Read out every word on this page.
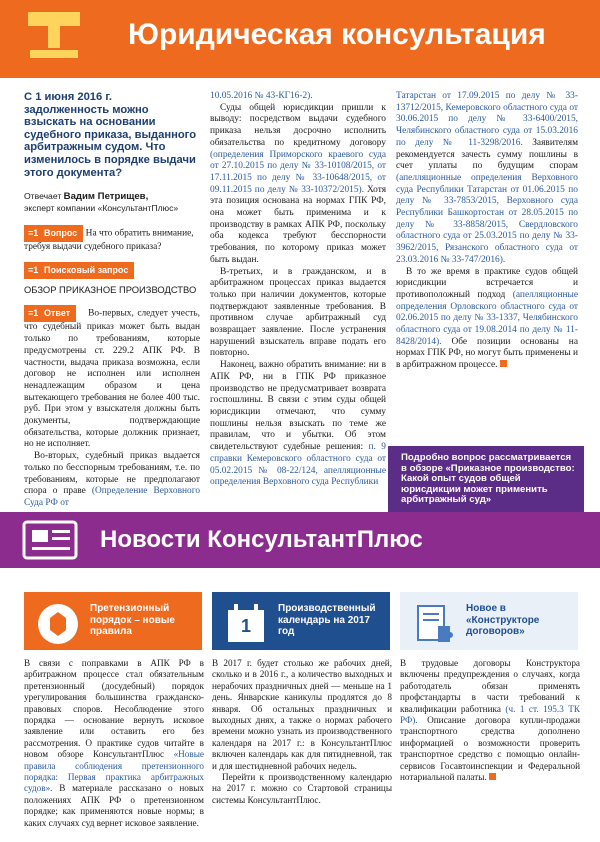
Юридическая консультация
С 1 июня 2016 г. задолженность можно взыскать на основании судебного приказа, выданного арбитражным судом. Что изменилось в порядке выдачи этого документа?
Отвечает Вадим Петрищев,
эксперт компании «КонсультантПлюс»
=1 Вопрос На что обратить внимание, требуя выдачи судебного приказа?
=1 Поисковый запрос
ОБЗОР ПРИКАЗНОЕ ПРОИЗВОДСТВО

=1 Ответ Во-первых, следует учесть, что судебный приказ может быть выдан только по требованиям, которые предусмотрены ст. 229.2 АПК РФ. В частности, выдача приказа возможна, если договор не исполнен или исполнен ненадлежащим образом и цена вытекающего требования не более 400 тыс. руб. При этом у взыскателя должны быть документы, подтверждающие обязательства, которые должник признает, но не исполняет.

Во-вторых, судебный приказ выдается только по бесспорным требованиям, т.е. по требованиям, которые не предполагают спора о праве (Определение Верховного Суда РФ от

10.05.2016 № 43-КГ16-2).

Суды общей юрисдикции пришли к выводу: посредством выдачи судебного приказа нельзя досрочно исполнить обязательства по кредитному договору (определения Приморского краевого суда от 27.10.2015 по делу № 33-10108/2015, от 17.11.2015 по делу № 33-10648/2015, от 09.11.2015 по делу № 33-10372/2015). Хотя эта позиция основана на нормах ГПК РФ, она может быть применима и к производству в рамках АПК РФ, поскольку оба кодекса требуют бесспорности требования, по которому приказ может быть выдан.

В-третьих, и в гражданском, и в арбитражном процессах приказ выдается только при наличии документов, которые подтверждают заявленные требования. В противном случае арбитражный суд возвращает заявление. После устранения нарушений взыскатель вправе подать его повторно.

Наконец, важно обратить внимание: ни в АПК РФ, ни в ГПК РФ приказное производство не предусматривает возврата госпошлины. В связи с этим суды общей юрисдикции отмечают, что сумму пошлины нельзя взыскать по теме же правилам, что и убытки. Об этом свидетельствуют судебные решения: п. 9 справки Кемеровского областного суда от 05.02.2015 № 08-22/124, апелляционные определения Верховного суда Республики

Татарстан от 17.09.2015 по делу № 33-13712/2015, Кемеровского областного суда от 30.06.2015 по делу № 33-6400/2015, Челябинского областного суда от 15.03.2016 по делу № 11-3298/2016. Заявителям рекомендуется зачесть сумму пошлины в счет уплаты по будущим спорам (апелляционные определения Верховного суда Республики Татарстан от 01.06.2015 по делу № 33-7853/2015, Верховного суда Республики Башкортостан от 28.05.2015 по делу № 33-8858/2015, Свердловского областного суда от 25.03.2015 по делу № 33-3962/2015, Рязанского областного суда от 23.03.2016 № 33-747/2016).

В то же время в практике судов общей юрисдикции встречается и противоположный подход (апелляционные определения Орловского областного суда от 02.06.2015 по делу № 33-1337, Челябинского областного суда от 19.08.2014 по делу № 11-8428/2014). Обе позиции основаны на нормах ГПК РФ, но могут быть применены и в арбитражном процессе.

Подробно вопрос рассматривается в обзоре «Приказное производство: Какой опыт судов общей юрисдикции может применить арбитражный суд»
Новости КонсультантПлюс
Претензионный порядок – новые правила	1
Производственный календарь на 2017 год
Новое в «Конструкторе договоров»

В связи с поправками в АПК РФ в арбитражном процессе стал обязательным претензионный (досудебный) порядок урегулирования большинства гражданско-правовых споров. Несоблюдение этого порядка — основание вернуть исковое заявление или оставить его без рассмотрения. О практике судов читайте в новом обзоре КонсультантПлюс «Новые правила соблюдения претензионного порядка: Первая практика арбитражных судов». В материале рассказано о новых положениях АПК РФ о претензионном порядке; как применяются новые нормы; в каких случаях суд вернет исковое заявление.

В 2017 г. будет столько же рабочих дней, сколько и в 2016 г., а количество выходных и нерабочих праздничных дней — меньше на 1 день. Январские каникулы продлятся до 8 января. Об остальных праздничных и выходных днях, а также о нормах рабочего времени можно узнать из производственного календаря на 2017 г.: в КонсультантПлюс включен календарь как для пятидневной, так и для шестидневной рабочих недель.

Перейти к производственному календарю на 2017 г. можно со Стартовой страницы системы КонсультантПлюс.

В трудовые договоры Конструктора включены предупреждения о случаях, когда работодатель обязан применять профстандарты в части требований к квалификации работника (ч. 1 ст. 195.3 ТК РФ). Описание договора купли-продажи транспортного средства дополнено информацией о возможности проверить транспортное средство с помощью онлайн-сервисов Госавтоинспекции и Федеральной нотариальной палаты.
